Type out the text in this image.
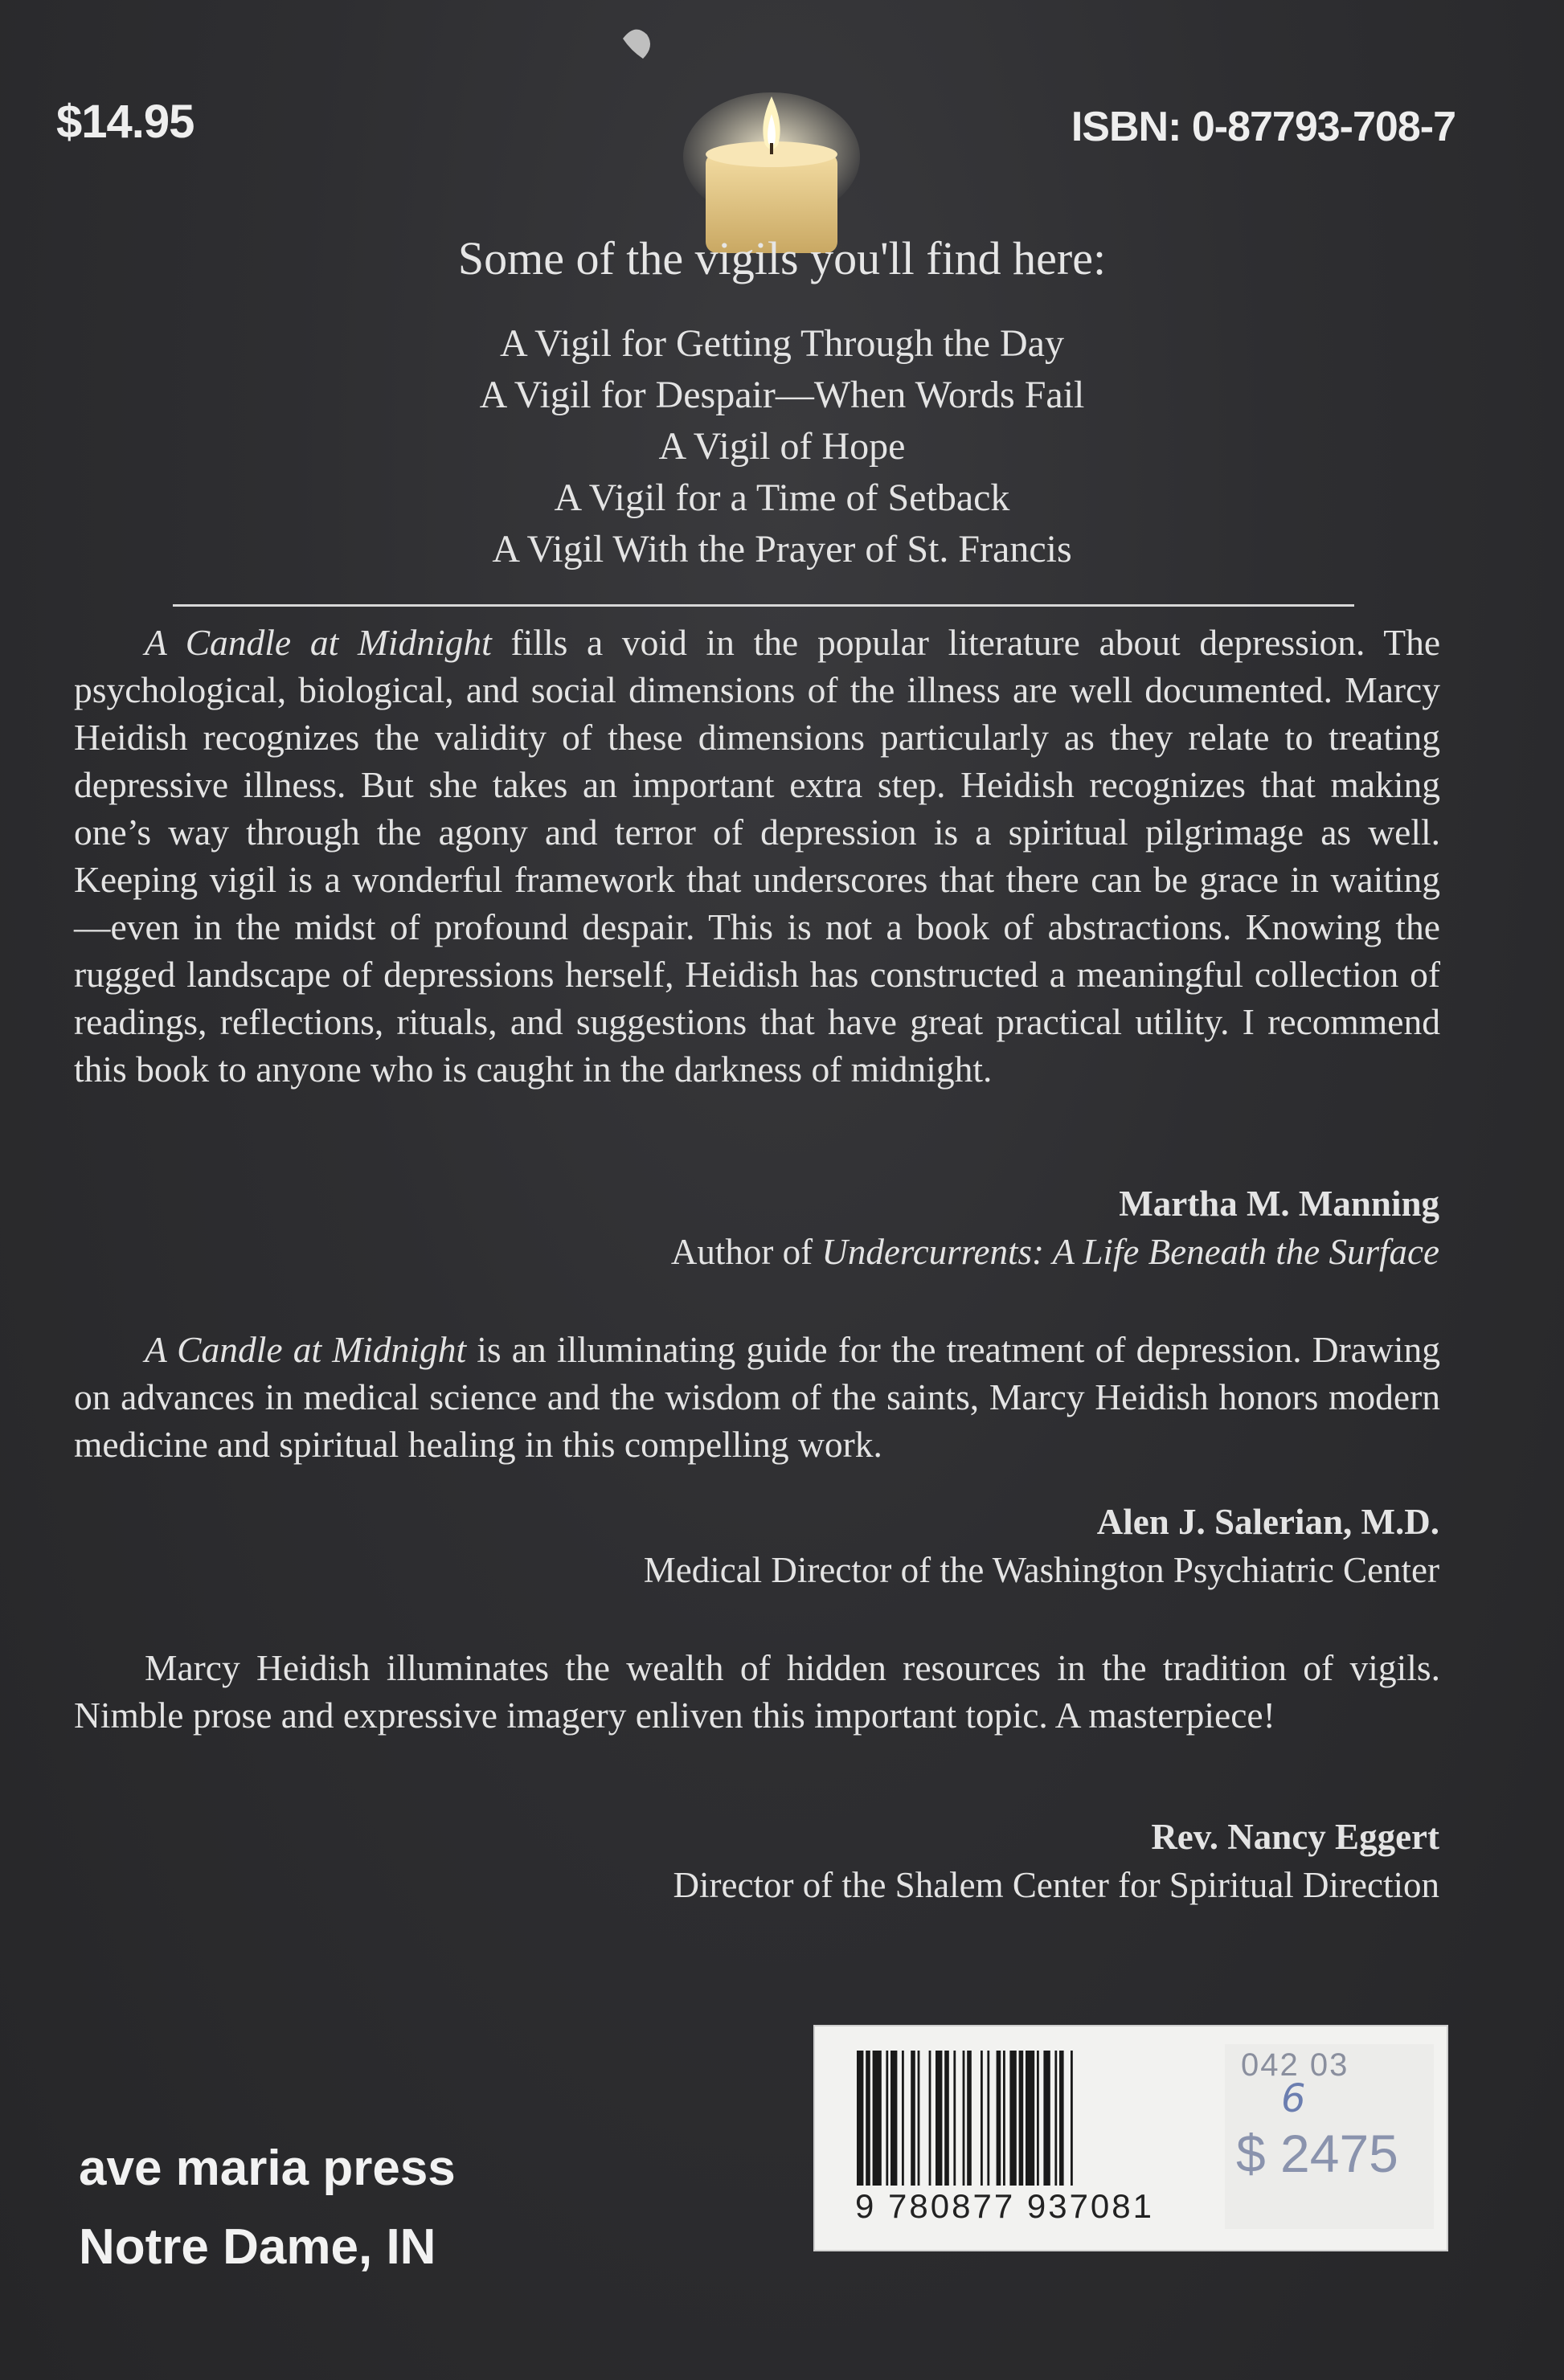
$14.95	ISBN: 0-87793-708-7
Some of the vigils you'll find here:
A Vigil for Getting Through the Day
A Vigil for Despair—When Words Fail
A Vigil of Hope
A Vigil for a Time of Setback
A Vigil With the Prayer of St. Francis

A Candle at Midnight fills a void in the popular literature about depression. The psychological, biological, and social dimensions of the illness are well documented. Marcy Heidish recognizes the validity of these dimensions particularly as they relate to treating depressive illness. But she takes an important extra step. Heidish recognizes that making one’s way through the agony and terror of depression is a spiritual pilgrimage as well. Keeping vigil is a wonderful framework that underscores that there can be grace in waiting—even in the midst of profound despair. This is not a book of abstractions. Knowing the rugged landscape of depressions herself, Heidish has constructed a meaningful collection of readings, reflections, rituals, and suggestions that have great practical utility. I recommend this book to anyone who is caught in the darkness of midnight.

Martha M. Manning
Author of Undercurrents: A Life Beneath the Surface

A Candle at Midnight is an illuminating guide for the treatment of depression. Drawing on advances in medical science and the wisdom of the saints, Marcy Heidish honors modern medicine and spiritual healing in this compelling work.

Alen J. Salerian, M.D.
Medical Director of the Washington Psychiatric Center

Marcy Heidish illuminates the wealth of hidden resources in the tradition of vigils. Nimble prose and expressive imagery enliven this important topic. A masterpiece!

Rev. Nancy Eggert
Director of the Shalem Center for Spiritual Direction
ave maria press
Notre Dame, IN
9 780877 937081
042 03
6
$ 2475
